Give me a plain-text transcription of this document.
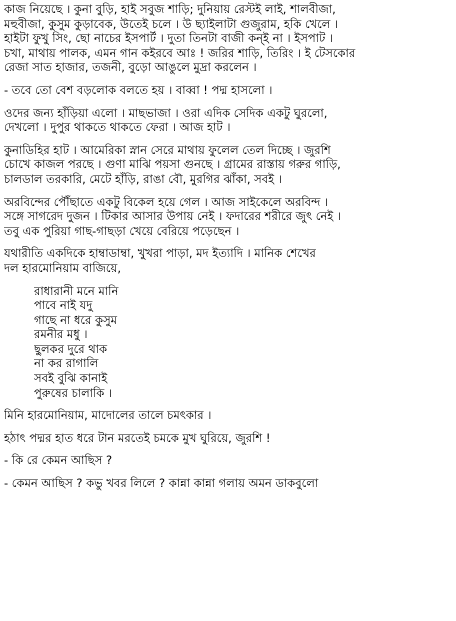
কাজ নিয়েছে । কুনা বুড়ি, হাই সবুজ শাড়ি; দুনিয়ায় রেস্টই লাই, শালবীজা,
মহুবীজা, কুসুম কুড়াবেক, উতেই চলে । উ ছ্যাইলাটা গুজুরাম, হকি খেলে ।
হাইটা ফুখু সিং, ছো নাচের ইসপার্ট । দুতা তিনটা বাজী কন্ই না । ইসপাট ।
চখা, মাথায় পালক, এমন গান কইরবে আঃ ! জরির শাড়ি, তিরিং । ই টেসকোর
রেজা সাত হাজার, তজনী, বুড়ো আঙুলে মুদ্রা করলেন ।
- তবে তো বেশ বড়লোক বলতে হয় । বাব্বা ! পদ্ম হাসলো ।
ওদের জন্য হাঁড়িয়া এলো । মাছভাজা । ওরা এদিক সেদিক একটু ঘুরলো,
দেখলো । দুপুর থাকতে থাকতে ফেরা । আজ হাট ।
কুনাডিহির হাট । আমেরিকা স্নান সেরে মাথায় ফুলেল তেল দিচ্ছে । জুরশি
চোখে কাজল পরছে । গুণা মাঝি পয়সা গুনছে । গ্রামের রাস্তায় গরুর গাড়ি,
চালডাল তরকারি, মেটে হাঁড়ি, রাঙা বৌ, মুরগির ঝাঁকা, সবই ।
অরবিন্দের পৌঁছাতে একটু বিকেল হয়ে গেল । আজ সাইকেলে অরবিন্দ ।
সঙ্গে সাগরেদ দুজন । টিকার আসার উপায় নেই । ফদারের শরীরে জুৎ নেই ।
তবু এক পুরিয়া গাছ-গাছড়া খেয়ে বেরিয়ে পড়েছেন ।
যথারীতি একদিকে হাম্বাডাম্বা, খুখরা পাড়া, মদ ইত্যাদি । মানিক শেখের
দল হারমোনিয়াম বাজিয়ে,
রাধারানী মনে মানি
পাবে নাই যদু
গাছে না ধরে কুসুম
রমনীর মধু ।
ছুলকর দুরে থাক
না কর রাগালি
সবই বুঝি কানাই
পুরুষের চালাকি ।
মিনি হারমোনিয়াম, মাদোলের তালে চমৎকার ।
হঠাৎ পদ্মর হাত ধরে টান মরতেই চমকে মুখ ঘুরিয়ে, জুরশি !
- কি রে কেমন আছিস ?
- কেমন আছিস ? কভু খবর লিলে ? কান্না কান্না গলায় অমন ডাকবুলো
